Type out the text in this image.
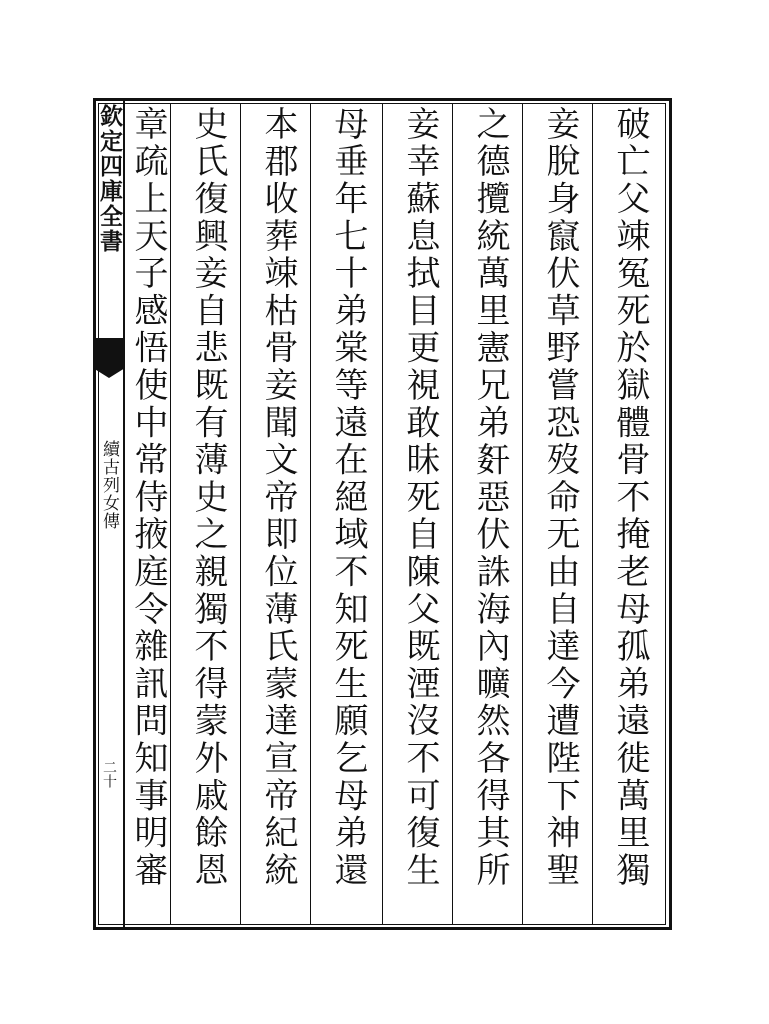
欽定四庫全書
續古列女傳
二十	破亡父竦冤死於獄體骨不掩老母孤弟遠徙萬里獨
妾脫身竄伏草野嘗恐歿命无由自達今遭陛下神聖
之德攬統萬里憲兄弟姧惡伏誅海內曠然各得其所
妾幸蘇息拭目更視敢昧死自陳父既湮沒不可復生
母垂年七十弟棠等遠在絕域不知死生願乞母弟還
本郡收葬竦枯骨妾聞文帝即位薄氏蒙達宣帝紀統
史氏復興妾自悲既有薄史之親獨不得蒙外戚餘恩
章疏上天子感悟使中常侍掖庭令雜訊問知事明審
